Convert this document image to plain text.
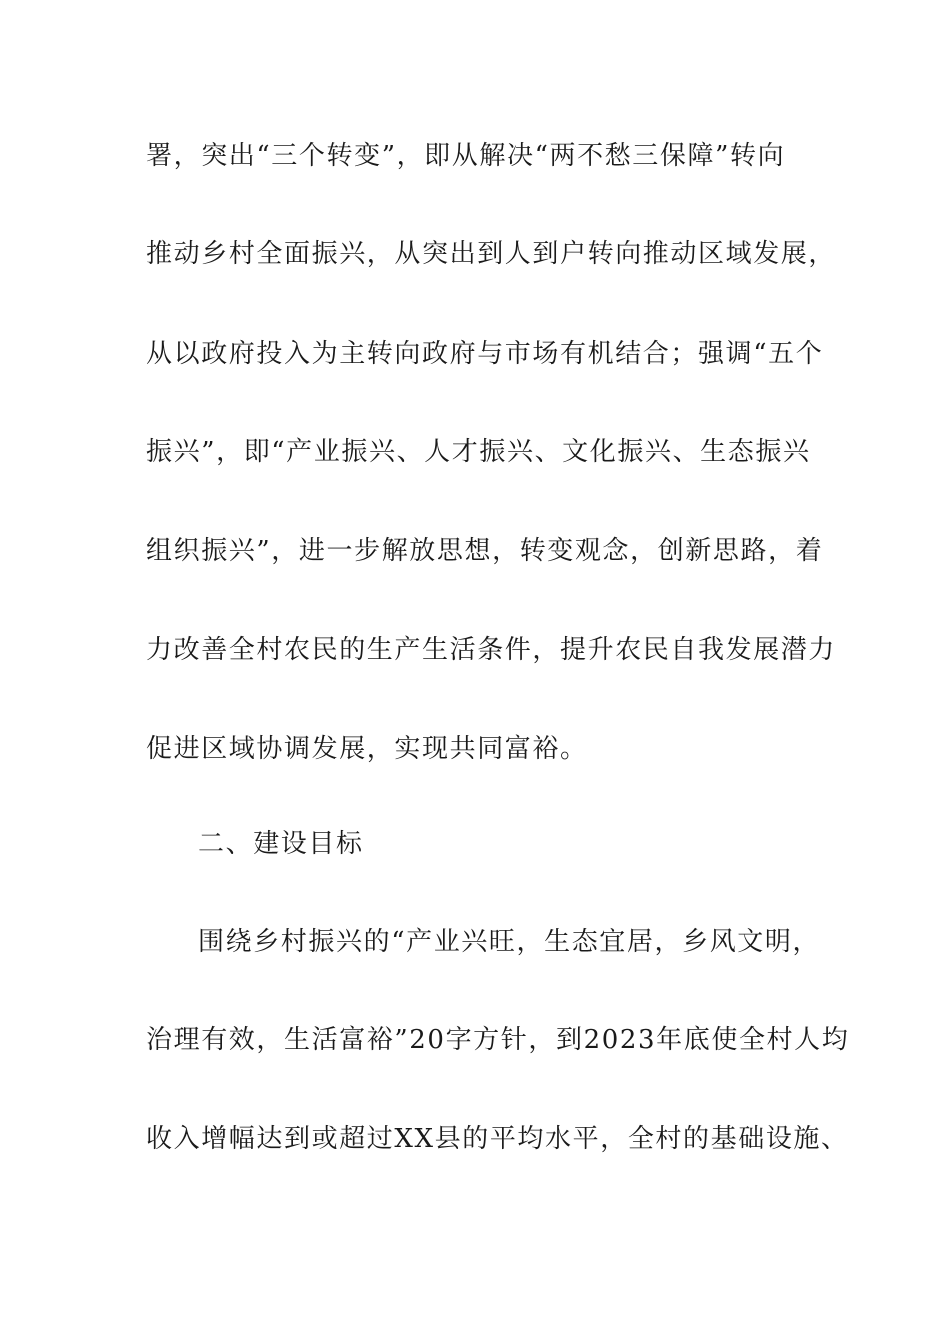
署，突出“三个转变”，即从解决“两不愁三保障”转向
推动乡村全面振兴，从突出到人到户转向推动区域发展，
从以政府投入为主转向政府与市场有机结合；强调“五个
振兴”，即“产业振兴、人才振兴、文化振兴、生态振兴
组织振兴”，进一步解放思想，转变观念，创新思路，着
力改善全村农民的生产生活条件，提升农民自我发展潜力
促进区域协调发展，实现共同富裕。
二、建设目标
围绕乡村振兴的“产业兴旺，生态宜居，乡风文明，
治理有效，生活富裕”20字方针，到2023年底使全村人均
收入增幅达到或超过XX县的平均水平，全村的基础设施、
